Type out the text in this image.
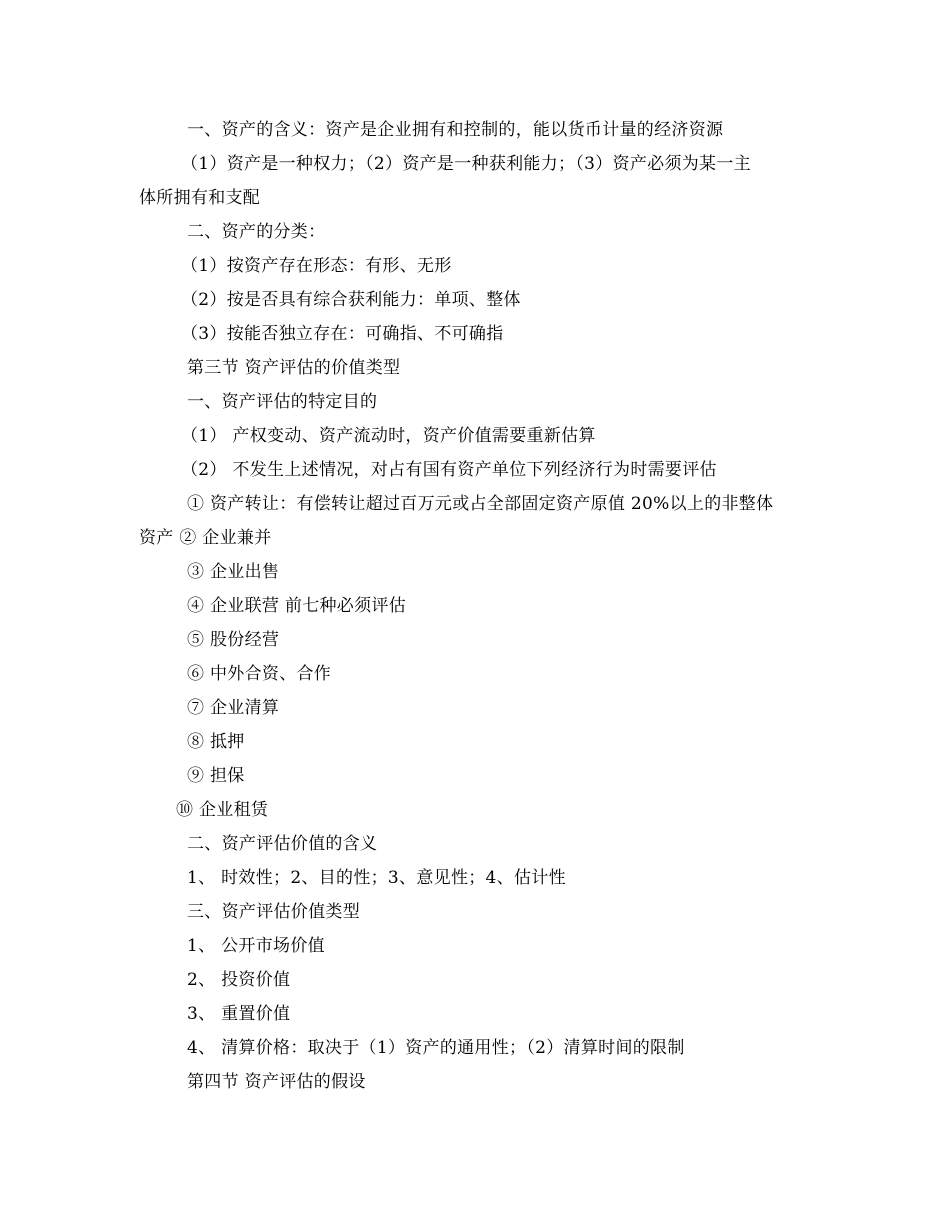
一、资产的含义：资产是企业拥有和控制的，能以货币计量的经济资源
（1）资产是一种权力；（2）资产是一种获利能力；（3）资产必须为某一主
体所拥有和支配
二、资产的分类：
（1）按资产存在形态：有形、无形
（2）按是否具有综合获利能力：单项、整体
（3）按能否独立存在：可确指、不可确指
第三节 资产评估的价值类型
一、资产评估的特定目的
（1） 产权变动、资产流动时，资产价值需要重新估算
（2） 不发生上述情况，对占有国有资产单位下列经济行为时需要评估
① 资产转让：有偿转让超过百万元或占全部固定资产原值 20%以上的非整体
资产 ② 企业兼并
③ 企业出售
④ 企业联营 前七种必须评估
⑤ 股份经营
⑥ 中外合资、合作
⑦ 企业清算
⑧ 抵押
⑨ 担保
⑩ 企业租赁
二、资产评估价值的含义
1、 时效性；2、目的性；3、意见性；4、估计性
三、资产评估价值类型
1、 公开市场价值
2、 投资价值
3、 重置价值
4、 清算价格：取决于（1）资产的通用性；（2）清算时间的限制
第四节 资产评估的假设
